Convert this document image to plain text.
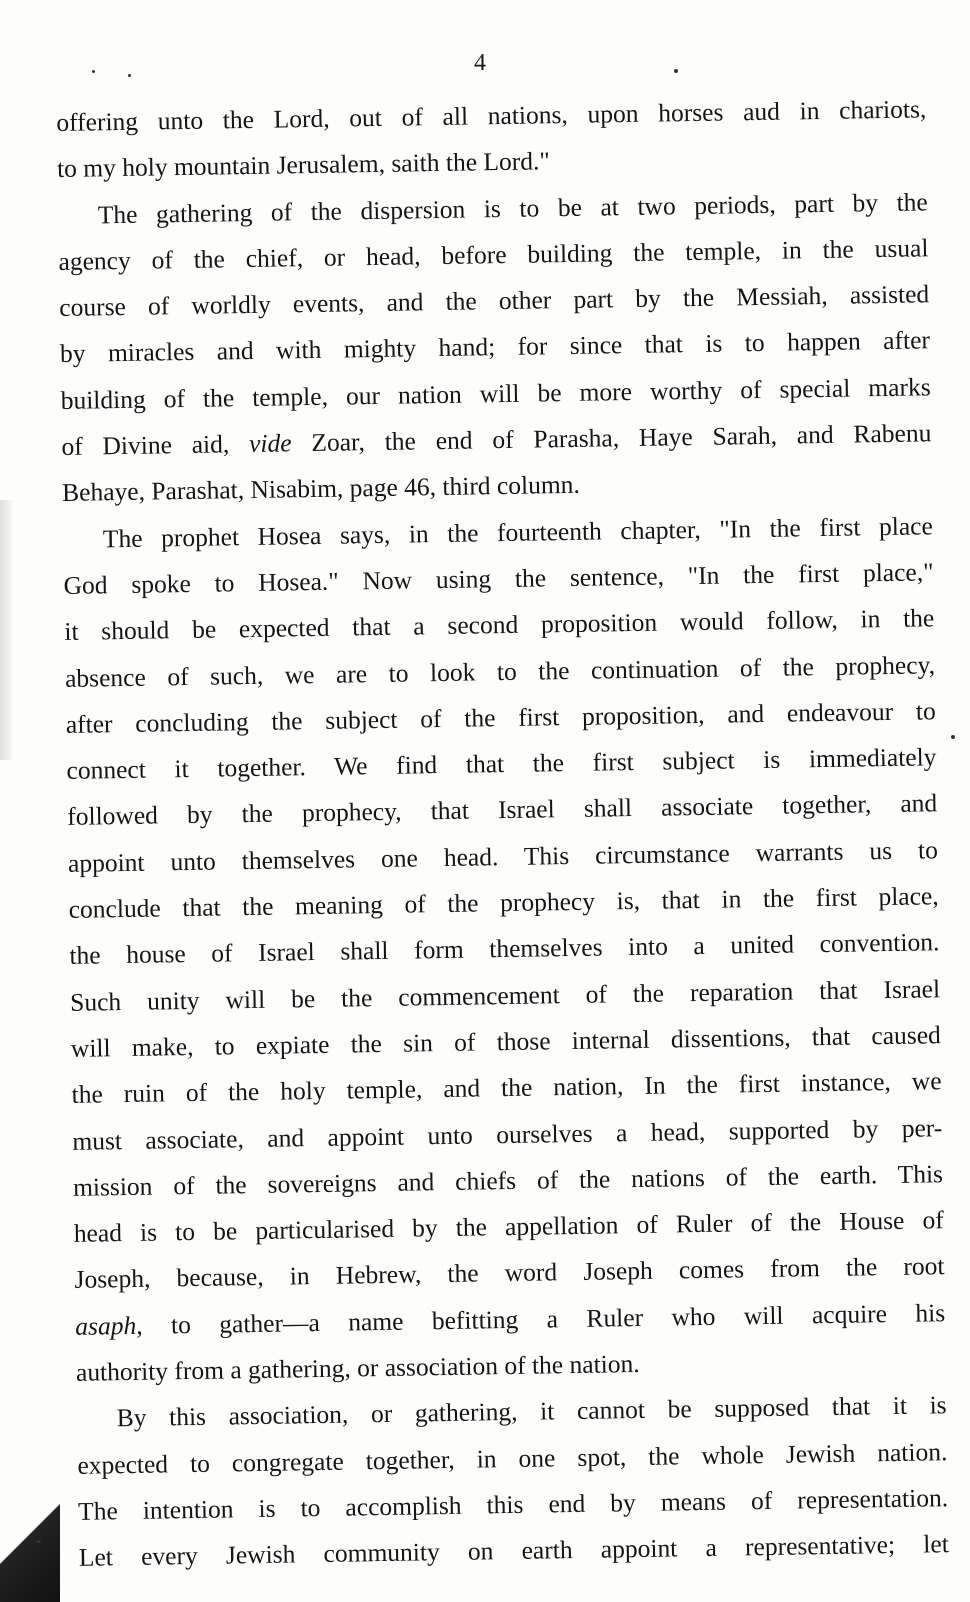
4
offering unto the Lord, out of all nations, upon horses aud in chariots,
to my holy mountain Jerusalem, saith the Lord."
The gathering of the dispersion is to be at two periods, part by the
agency of the chief, or head, before building the temple, in the usual
course of worldly events, and the other part by the Messiah, assisted
by miracles and with mighty hand; for since that is to happen after
building of the temple, our nation will be more worthy of special marks
of Divine aid, vide Zoar, the end of Parasha, Haye Sarah, and Rabenu
Behaye, Parashat, Nisabim, page 46, third column.
The prophet Hosea says, in the fourteenth chapter, "In the first place
God spoke to Hosea." Now using the sentence, "In the first place,"
it should be expected that a second proposition would follow, in the
absence of such, we are to look to the continuation of the prophecy,
after concluding the subject of the first proposition, and endeavour to
connect it together. We find that the first subject is immediately
followed by the prophecy, that Israel shall associate together, and
appoint unto themselves one head. This circumstance warrants us to
conclude that the meaning of the prophecy is, that in the first place,
the house of Israel shall form themselves into a united convention.
Such unity will be the commencement of the reparation that Israel
will make, to expiate the sin of those internal dissentions, that caused
the ruin of the holy temple, and the nation, In the first instance, we
must associate, and appoint unto ourselves a head, supported by per-
mission of the sovereigns and chiefs of the nations of the earth. This
head is to be particularised by the appellation of Ruler of the House of
Joseph, because, in Hebrew, the word Joseph comes from the root
asaph, to gather—a name befitting a Ruler who will acquire his
authority from a gathering, or association of the nation.
By this association, or gathering, it cannot be supposed that it is
expected to congregate together, in one spot, the whole Jewish nation.
The intention is to accomplish this end by means of representation.
Let every Jewish community on earth appoint a representative; let
